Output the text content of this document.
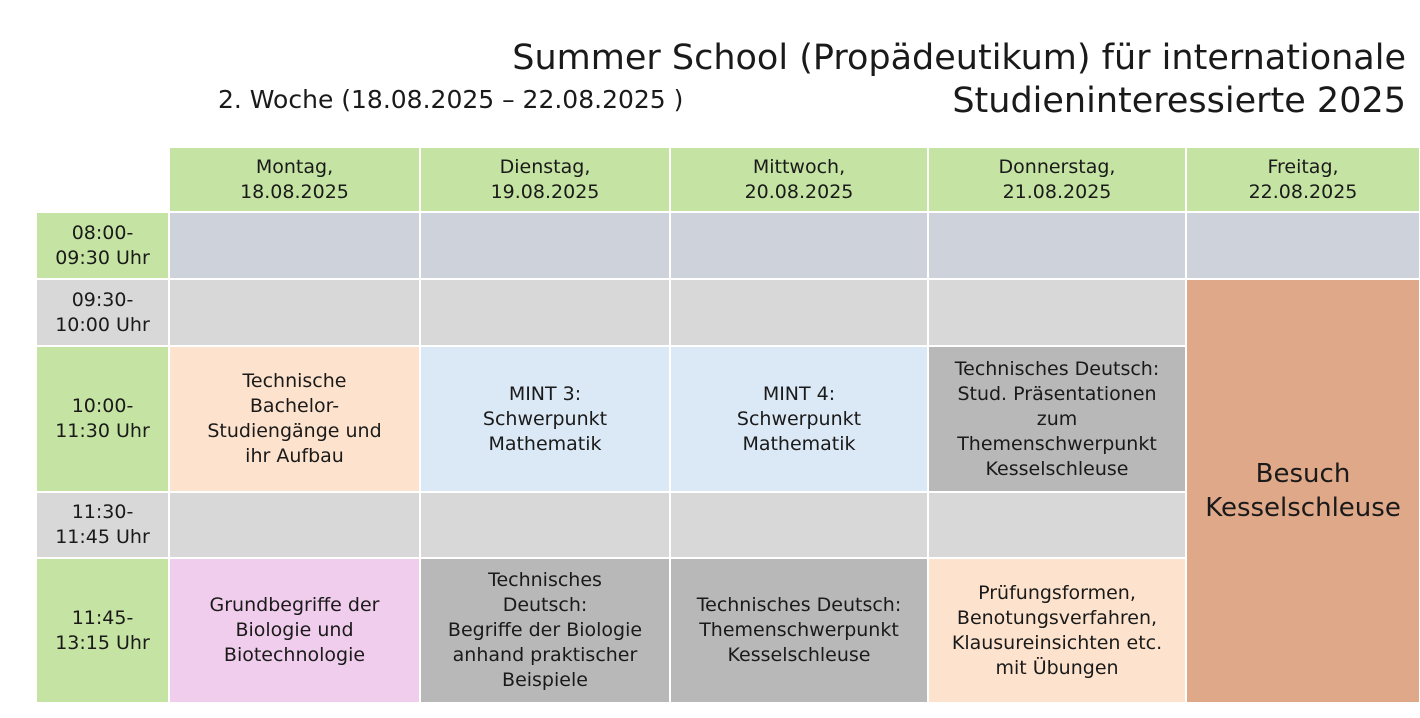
Summer School (Propädeutikum) für internationale
Studieninteressierte 2025
2. Woche (18.08.2025 – 22.08.2025 )
Montag,
18.08.2025
Dienstag,
19.08.2025
Mittwoch,
20.08.2025
Donnerstag,
21.08.2025
Freitag,
22.08.2025
08:00-
09:30 Uhr
09:30-
10:00 Uhr
Besuch
Kesselschleuse
10:00-
11:30 Uhr
Technische
Bachelor-
Studiengänge und
ihr Aufbau
MINT 3:
Schwerpunkt
Mathematik
MINT 4:
Schwerpunkt
Mathematik
Technisches Deutsch:
Stud. Präsentationen
zum
Themenschwerpunkt
Kesselschleuse
11:30-
11:45 Uhr
11:45-
13:15 Uhr
Grundbegriffe der
Biologie und
Biotechnologie
Technisches
Deutsch:
Begriffe der Biologie
anhand praktischer
Beispiele
Technisches Deutsch:
Themenschwerpunkt
Kesselschleuse
Prüfungsformen,
Benotungsverfahren,
Klausureinsichten etc.
mit Übungen
